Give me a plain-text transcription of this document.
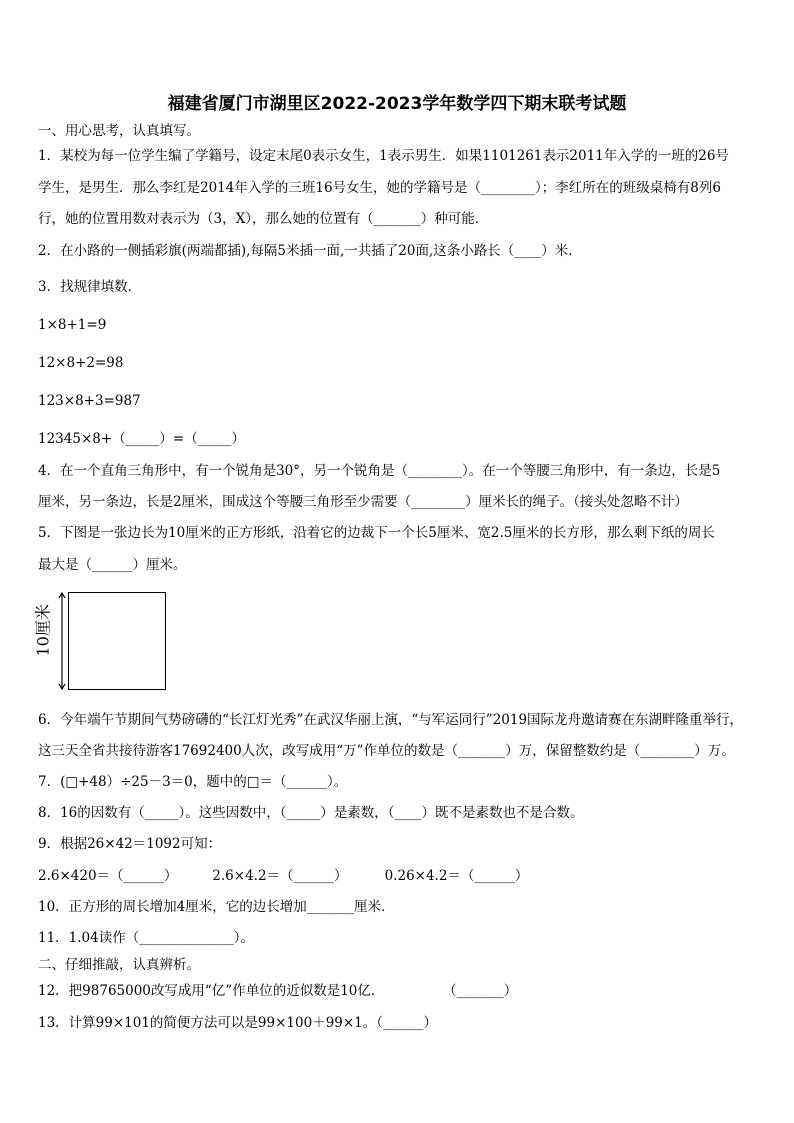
福建省厦门市湖里区2022-2023学年数学四下期末联考试题
一、用心思考，认真填写。
1．某校为每一位学生编了学籍号，设定末尾0表示女生，1表示男生．如果1101261表示2011年入学的一班的26号
学生，是男生．那么李红是2014年入学的三班16号女生，她的学籍号是（________）；李红所在的班级桌椅有8列6
行，她的位置用数对表示为（3，X），那么她的位置有（_______）种可能．
2．在小路的一侧插彩旗(两端都插),每隔5米插一面,一共插了20面,这条小路长（____）米．
3．找规律填数．
1×8+1=9
12×8+2=98
123×8+3=987
12345×8+（_____）=（_____）
4．在一个直角三角形中，有一个锐角是30°，另一个锐角是（________）。在一个等腰三角形中，有一条边，长是5
厘米，另一条边，长是2厘米，围成这个等腰三角形至少需要（________）厘米长的绳子。（接头处忽略不计）
5．下图是一张边长为10厘米的正方形纸，沿着它的边裁下一个长5厘米、宽2.5厘米的长方形，那么剩下纸的周长
最大是（______）厘米。
10厘米
6．今年端午节期间气势磅礴的“长江灯光秀”在武汉华丽上演，“与军运同行”2019国际龙舟邀请赛在东湖畔隆重举行，
这三天全省共接待游客17692400人次，改写成用“万”作单位的数是（_______）万，保留整数约是（________）万。
7．(□+48）÷25－3＝0，题中的□＝（______）。
8．16的因数有（_____）。这些因数中，（_____）是素数，（____）既不是素数也不是合数。
9．根据26×42＝1092可知：
2.6×420＝（______）	2.6×4.2＝（______）	0.26×4.2＝（______）
10．正方形的周长增加4厘米，它的边长增加_______厘米．
11．1.04读作（______________）。
二、仔细推敲，认真辨析。
12．把98765000改写成用“亿”作单位的近似数是10亿．	（_______）
13．计算99×101的简便方法可以是99×100＋99×1。（______）
